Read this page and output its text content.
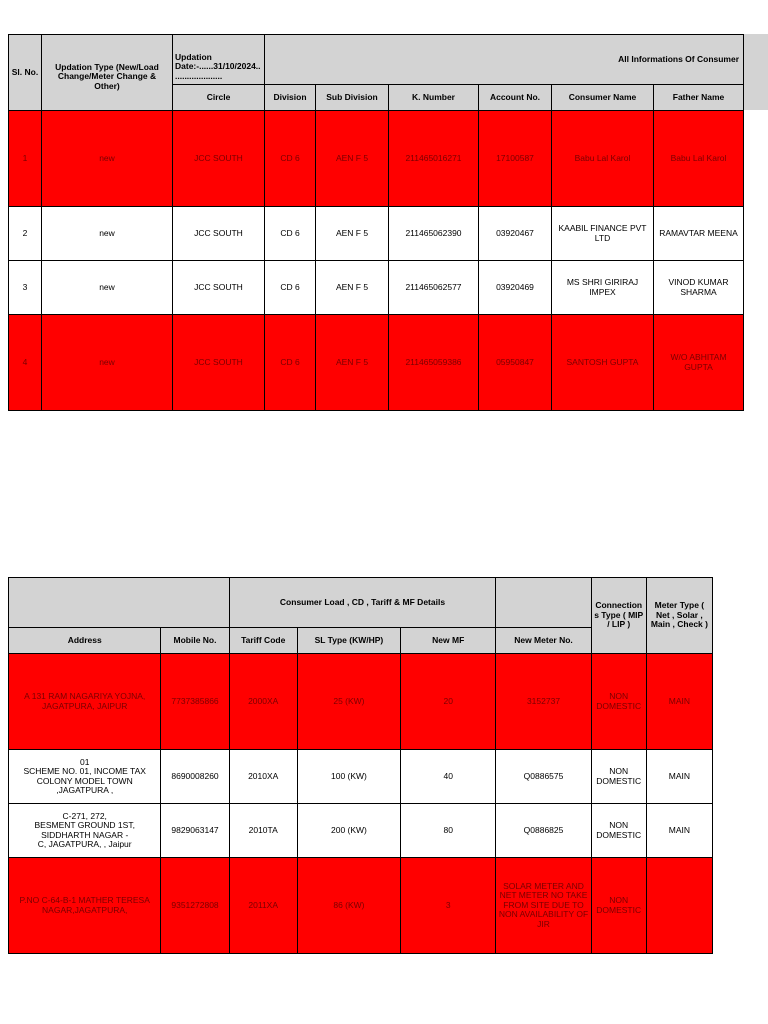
Sl. No.	Updation Type (New/Load Change/Meter Change & Other)	Updation Date:-......31/10/2024......................	All Informations Of Consumer					
		Circle	Division	Sub Division	K. Number	Account No.	Consumer Name	Father Name
1	new	JCC SOUTH	CD 6	AEN F 5	211465016271	17100587	Babu Lal Karol	Babu Lal Karol
2	new	JCC SOUTH	CD 6	AEN F 5	211465062390	03920467	KAABIL FINANCE PVT LTD	RAMAVTAR MEENA
3	new	JCC SOUTH	CD 6	AEN F 5	211465062577	03920469	MS SHRI GIRIRAJ IMPEX	VINOD KUMAR SHARMA
4	new	JCC SOUTH	CD 6	AEN F 5	211465059386	05950847	SANTOSH GUPTA	W/O ABHITAM GUPTA
		Consumer Load , CD , Tariff & MF Details				Connections Type ( MIP / LIP )	Meter Type ( Net , Solar , Main , Check )
Address	Mobile No.	Tariff Code	SL Type (KW/HP)	New MF	New Meter No.		
A 131 RAM NAGARIYA YOJNA, JAGATPURA, JAIPUR	7737385866	2000XA	25 (KW)	20	3152737	NON DOMESTIC	MAIN
01
SCHEME NO. 01, INCOME TAX COLONY MODEL TOWN ,JAGATPURA ,	8690008260	2010XA	100 (KW)	40	Q0886575	NON DOMESTIC	MAIN
C-271, 272,
BESMENT GROUND 1ST, SIDDHARTH NAGAR -
C, JAGATPURA, , Jaipur	9829063147	2010TA	200 (KW)	80	Q0886825	NON DOMESTIC	MAIN
P.NO C-64-B-1 MATHER TERESA NAGAR,JAGATPURA,	9351272808	2011XA	86 (KW)	3	SOLAR METER AND NET METER NO TAKE FROM SITE DUE TO NON AVAILABILITY OF JIR	NON DOMESTIC	
